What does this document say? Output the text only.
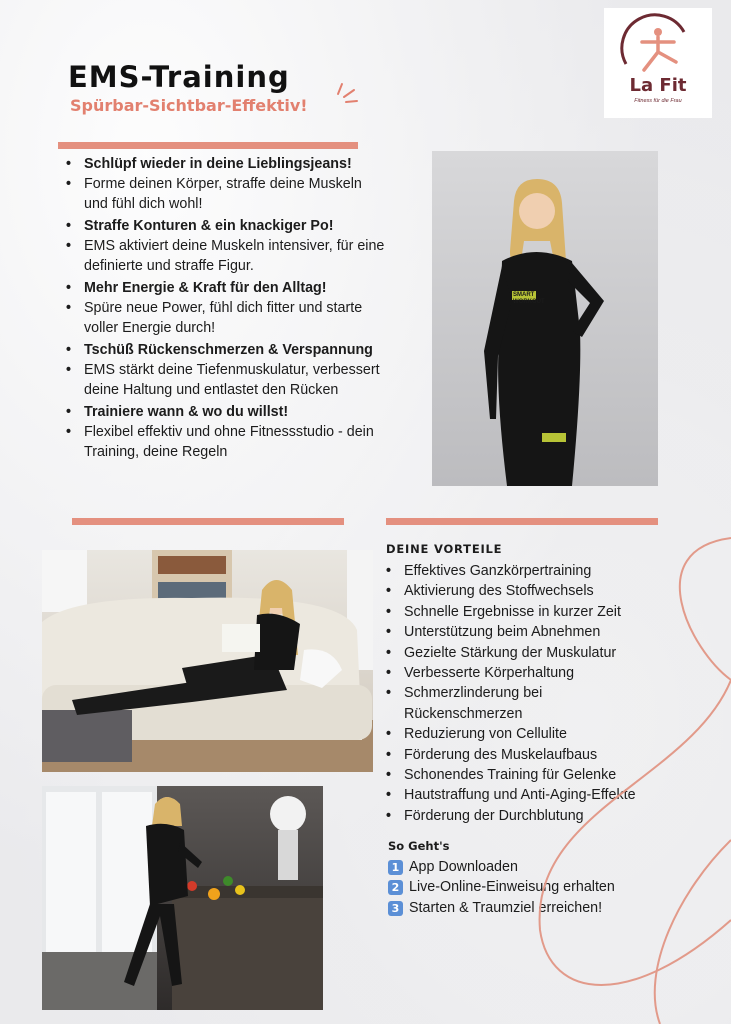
EMS-Training
Spürbar-Sichtbar-Effektiv!
La Fit
Fitness für die Frau
• Schlüpf wieder in deine Lieblingsjeans!
• Forme deinen Körper, straffe deine Muskeln und fühl dich wohl!
• Straffe Konturen & ein knackiger Po!
• EMS aktiviert deine Muskeln intensiver, für eine definierte und straffe Figur.
• Mehr Energie & Kraft für den Alltag!
• Spüre neue Power, fühl dich fitter und starte voller Energie durch!
• Tschüß Rückenschmerzen & Verspannung
• EMS stärkt deine Tiefenmuskulatur, verbessert deine Haltung und entlastet den Rücken
• Trainiere wann & wo du willst!
• Flexibel effektiv und ohne Fitnessstudio - dein Training, deine Regeln
SMART WORKOUT
DEINE VORTEILE
• Effektives Ganzkörpertraining
• Aktivierung des Stoffwechsels
• Schnelle Ergebnisse in kurzer Zeit
• Unterstützung beim Abnehmen
• Gezielte Stärkung der Muskulatur
• Verbesserte Körperhaltung
• Schmerzlinderung bei Rückenschmerzen
• Reduzierung von Cellulite
• Förderung des Muskelaufbaus
• Schonendes Training für Gelenke
• Hautstraffung und Anti-Aging-Effekte
• Förderung der Durchblutung
So Geht's
1 App Downloaden
2 Live-Online-Einweisung erhalten
3 Starten & Traumziel erreichen!
